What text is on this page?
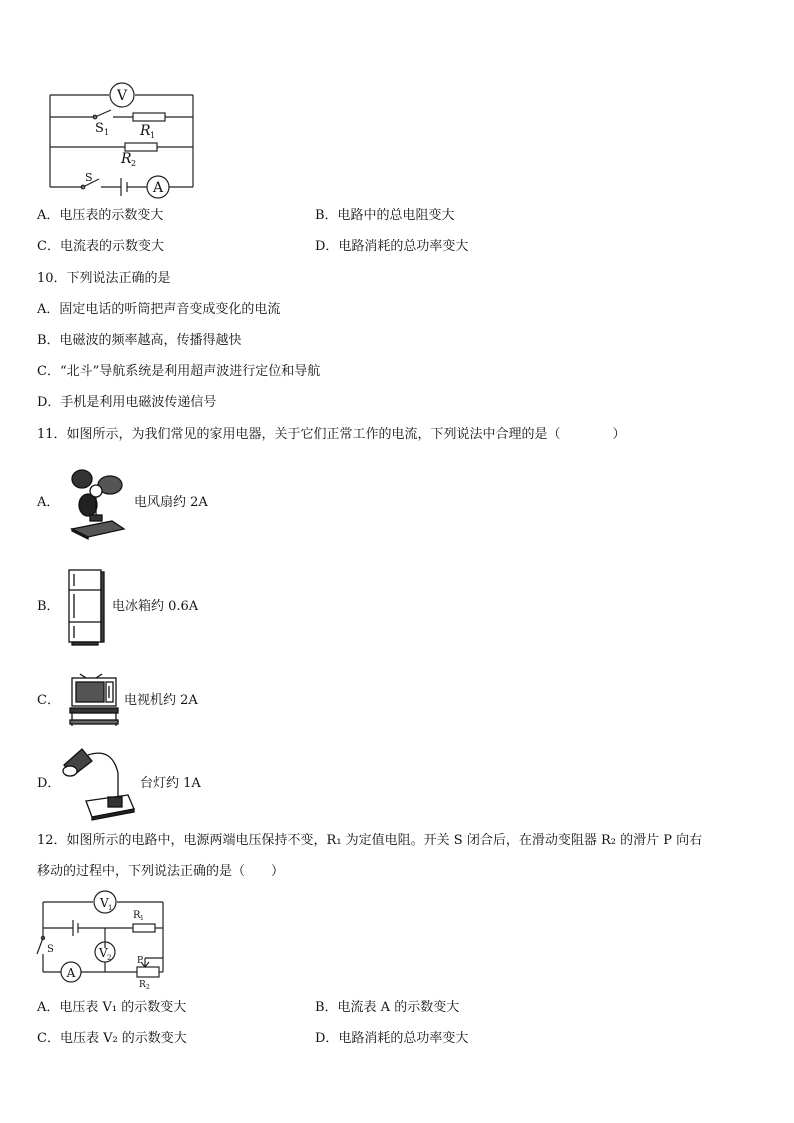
V
S 1 R 1
R 2
S
A
A．电压表的示数变大	B．电路中的总电阻变大
C．电流表的示数变大	D．电路消耗的总功率变大
10．下列说法正确的是
A．固定电话的听筒把声音变成变化的电流
B．电磁波的频率越高，传播得越快
C．“北斗”导航系统是利用超声波进行定位和导航
D．手机是利用电磁波传递信号
11．如图所示，为我们常见的家用电器，关于它们正常工作的电流，下列说法中合理的是（　　　　）
A．	电风扇约 2A
B．	电冰箱约 0.6A
C．	电视机约 2A
D．	台灯约 1A
12．如图所示的电路中，电源两端电压保持不变，R₁ 为定值电阻。开关 S 闭合后，在滑动变阻器 R₂ 的滑片 P 向右
移动的过程中，下列说法正确的是（　　）
V 1
S
R 1
V 2
A
P
R 2
A．电压表 V₁ 的示数变大	B．电流表 A 的示数变大
C．电压表 V₂ 的示数变大	D．电路消耗的总功率变大
